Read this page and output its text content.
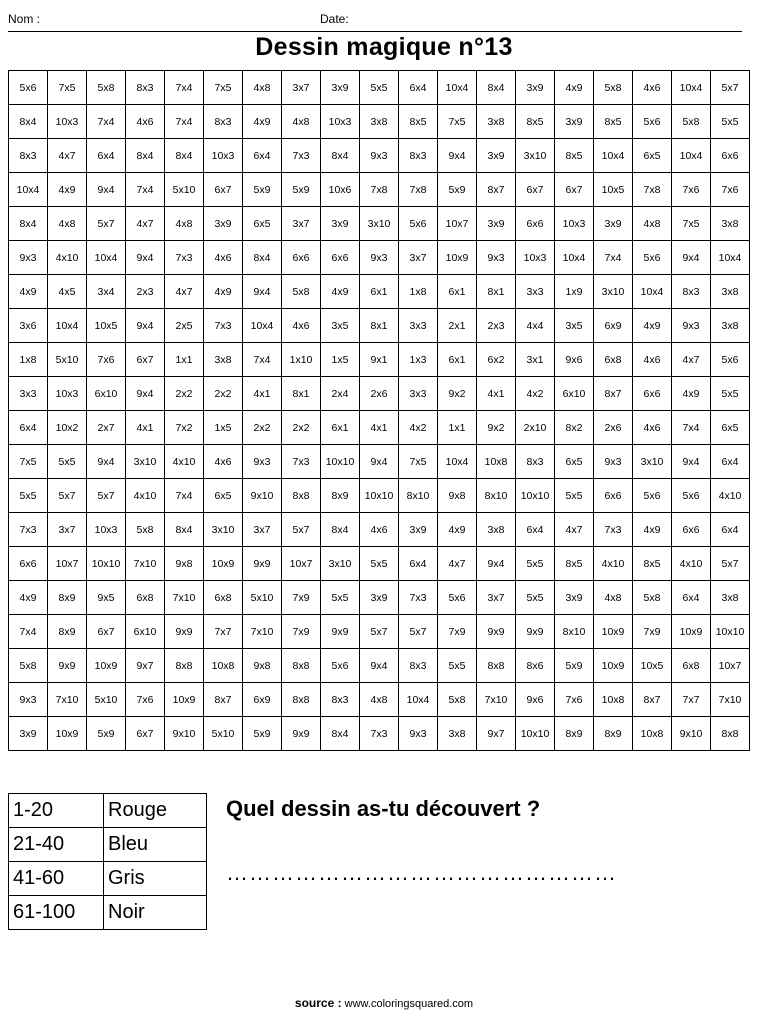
Nom :	Date:
Dessin magique n°13
5x6	7x5	5x8	8x3	7x4	7x5	4x8	3x7	3x9	5x5	6x4	10x4	8x4	3x9	4x9	5x8	4x6	10x4	5x7
8x4	10x3	7x4	4x6	7x4	8x3	4x9	4x8	10x3	3x8	8x5	7x5	3x8	8x5	3x9	8x5	5x6	5x8	5x5
8x3	4x7	6x4	8x4	8x4	10x3	6x4	7x3	8x4	9x3	8x3	9x4	3x9	3x10	8x5	10x4	6x5	10x4	6x6
10x4	4x9	9x4	7x4	5x10	6x7	5x9	5x9	10x6	7x8	7x8	5x9	8x7	6x7	6x7	10x5	7x8	7x6	7x6
8x4	4x8	5x7	4x7	4x8	3x9	6x5	3x7	3x9	3x10	5x6	10x7	3x9	6x6	10x3	3x9	4x8	7x5	3x8
9x3	4x10	10x4	9x4	7x3	4x6	8x4	6x6	6x6	9x3	3x7	10x9	9x3	10x3	10x4	7x4	5x6	9x4	10x4
4x9	4x5	3x4	2x3	4x7	4x9	9x4	5x8	4x9	6x1	1x8	6x1	8x1	3x3	1x9	3x10	10x4	8x3	3x8
3x6	10x4	10x5	9x4	2x5	7x3	10x4	4x6	3x5	8x1	3x3	2x1	2x3	4x4	3x5	6x9	4x9	9x3	3x8
1x8	5x10	7x6	6x7	1x1	3x8	7x4	1x10	1x5	9x1	1x3	6x1	6x2	3x1	9x6	6x8	4x6	4x7	5x6
3x3	10x3	6x10	9x4	2x2	2x2	4x1	8x1	2x4	2x6	3x3	9x2	4x1	4x2	6x10	8x7	6x6	4x9	5x5
6x4	10x2	2x7	4x1	7x2	1x5	2x2	2x2	6x1	4x1	4x2	1x1	9x2	2x10	8x2	2x6	4x6	7x4	6x5
7x5	5x5	9x4	3x10	4x10	4x6	9x3	7x3	10x10	9x4	7x5	10x4	10x8	8x3	6x5	9x3	3x10	9x4	6x4
5x5	5x7	5x7	4x10	7x4	6x5	9x10	8x8	8x9	10x10	8x10	9x8	8x10	10x10	5x5	6x6	5x6	5x6	4x10
7x3	3x7	10x3	5x8	8x4	3x10	3x7	5x7	8x4	4x6	3x9	4x9	3x8	6x4	4x7	7x3	4x9	6x6	6x4
6x6	10x7	10x10	7x10	9x8	10x9	9x9	10x7	3x10	5x5	6x4	4x7	9x4	5x5	8x5	4x10	8x5	4x10	5x7
4x9	8x9	9x5	6x8	7x10	6x8	5x10	7x9	5x5	3x9	7x3	5x6	3x7	5x5	3x9	4x8	5x8	6x4	3x8
7x4	8x9	6x7	6x10	9x9	7x7	7x10	7x9	9x9	5x7	5x7	7x9	9x9	9x9	8x10	10x9	7x9	10x9	10x10
5x8	9x9	10x9	9x7	8x8	10x8	9x8	8x8	5x6	9x4	8x3	5x5	8x8	8x6	5x9	10x9	10x5	6x8	10x7
9x3	7x10	5x10	7x6	10x9	8x7	6x9	8x8	8x3	4x8	10x4	5x8	7x10	9x6	7x6	10x8	8x7	7x7	7x10
3x9	10x9	5x9	6x7	9x10	5x10	5x9	9x9	8x4	7x3	9x3	3x8	9x7	10x10	8x9	8x9	10x8	9x10	8x8
1-20	Rouge
21-40	Bleu
41-60	Gris
61-100	Noir
Quel dessin as-tu découvert ?
……………………………………………
source : www.coloringsquared.com
